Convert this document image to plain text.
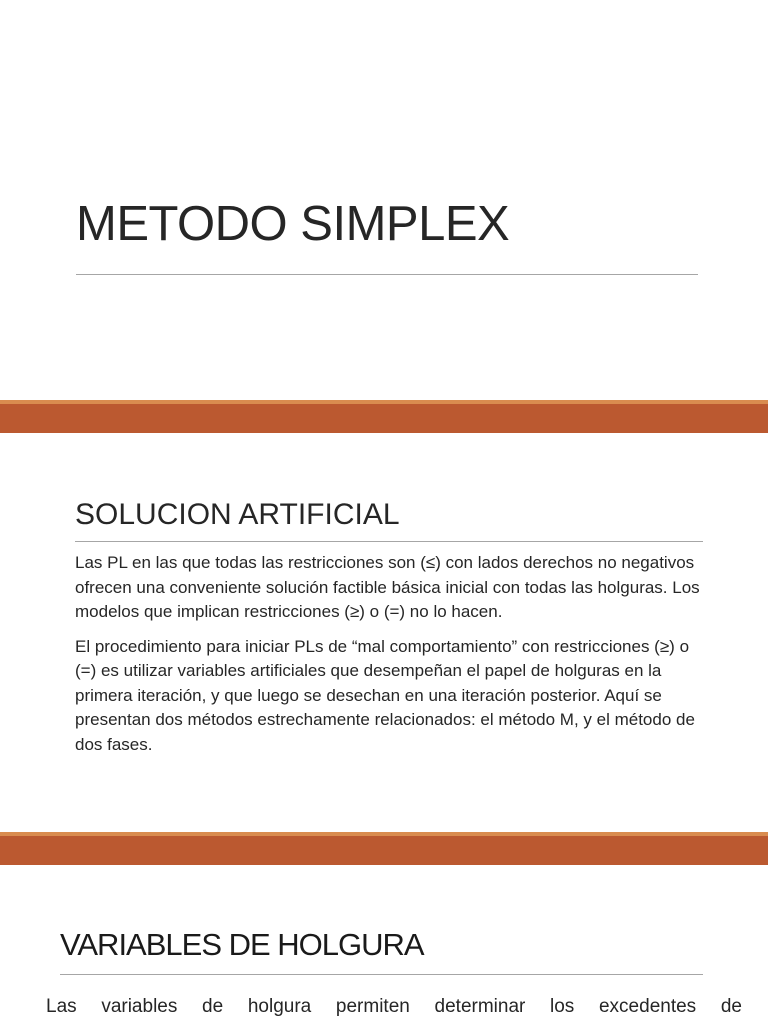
METODO SIMPLEX
SOLUCION ARTIFICIAL

Las PL en las que todas las restricciones son (≤) con lados derechos no negativos ofrecen una conveniente solución factible básica inicial con todas las holguras. Los modelos que implican restricciones (≥) o (=) no lo hacen.

El procedimiento para iniciar PLs de “mal comportamiento” con restricciones (≥) o (=) es utilizar variables artificiales que desempeñan el papel de holguras en la primera iteración, y que luego se desechan en una iteración posterior. Aquí se presentan dos métodos estrechamente relacionados: el método M, y el método de dos fases.

VARIABLES DE HOLGURA
Las variables de holgura permiten determinar los excedentes de
